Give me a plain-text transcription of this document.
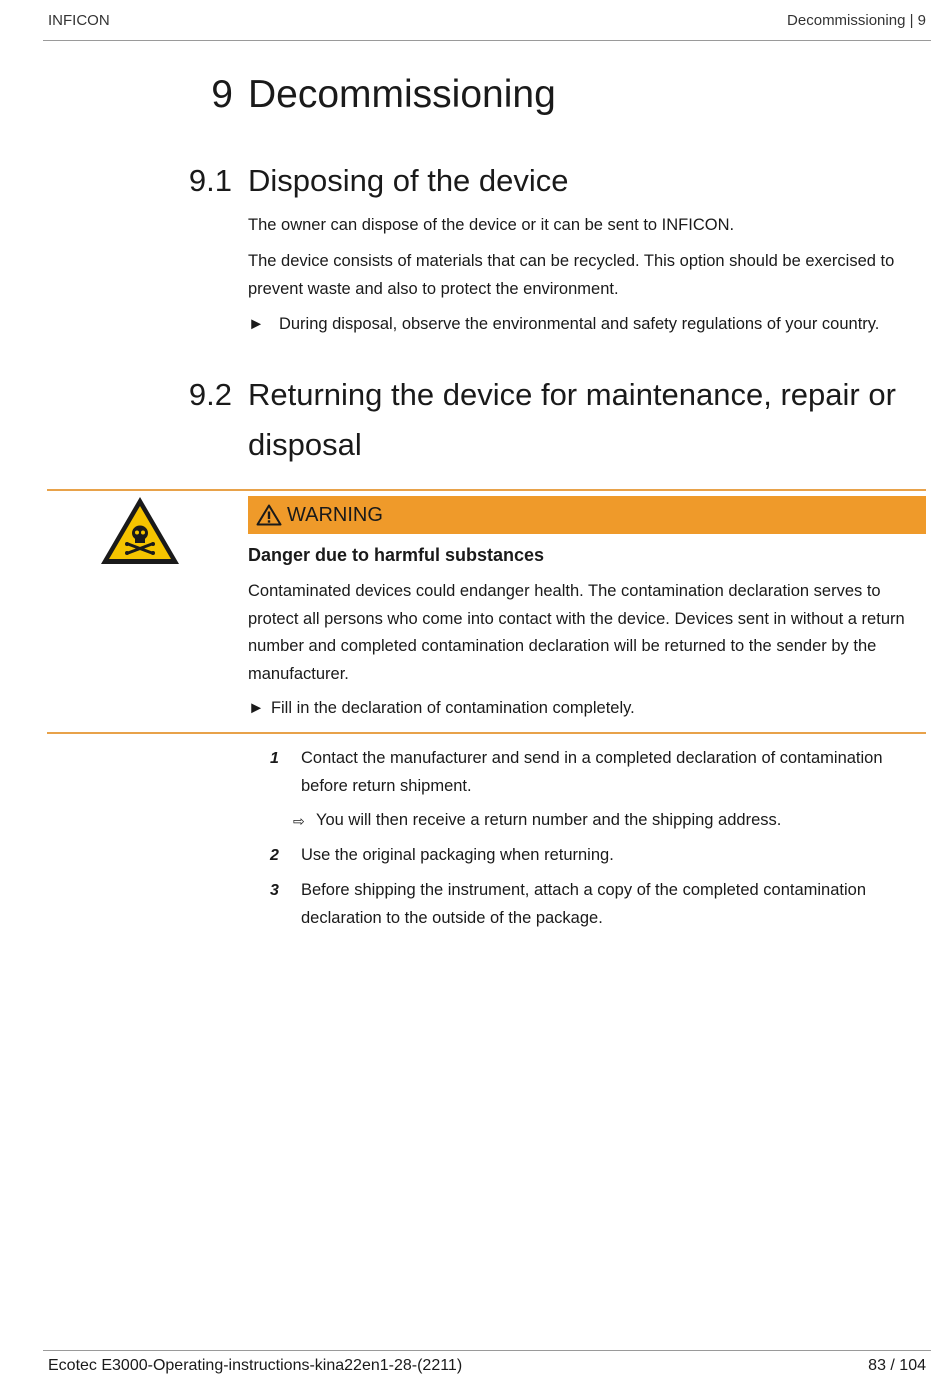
INFICON	Decommissioning | 9
9 Decommissioning
9.1 Disposing of the device
The owner can dispose of the device or it can be sent to INFICON.
The device consists of materials that can be recycled. This option should be exercised to prevent waste and also to protect the environment.
► During disposal, observe the environmental and safety regulations of your country.
9.2 Returning the device for maintenance, repair or disposal
WARNING
Danger due to harmful substances
Contaminated devices could endanger health. The contamination declaration serves to protect all persons who come into contact with the device. Devices sent in without a return number and completed contamination declaration will be returned to the sender by the manufacturer.
► Fill in the declaration of contamination completely.
1 Contact the manufacturer and send in a completed declaration of contamination before return shipment.
⇨ You will then receive a return number and the shipping address.
2 Use the original packaging when returning.
3 Before shipping the instrument, attach a copy of the completed contamination declaration to the outside of the package.
Ecotec E3000-Operating-instructions-kina22en1-28-(2211)	83 / 104
